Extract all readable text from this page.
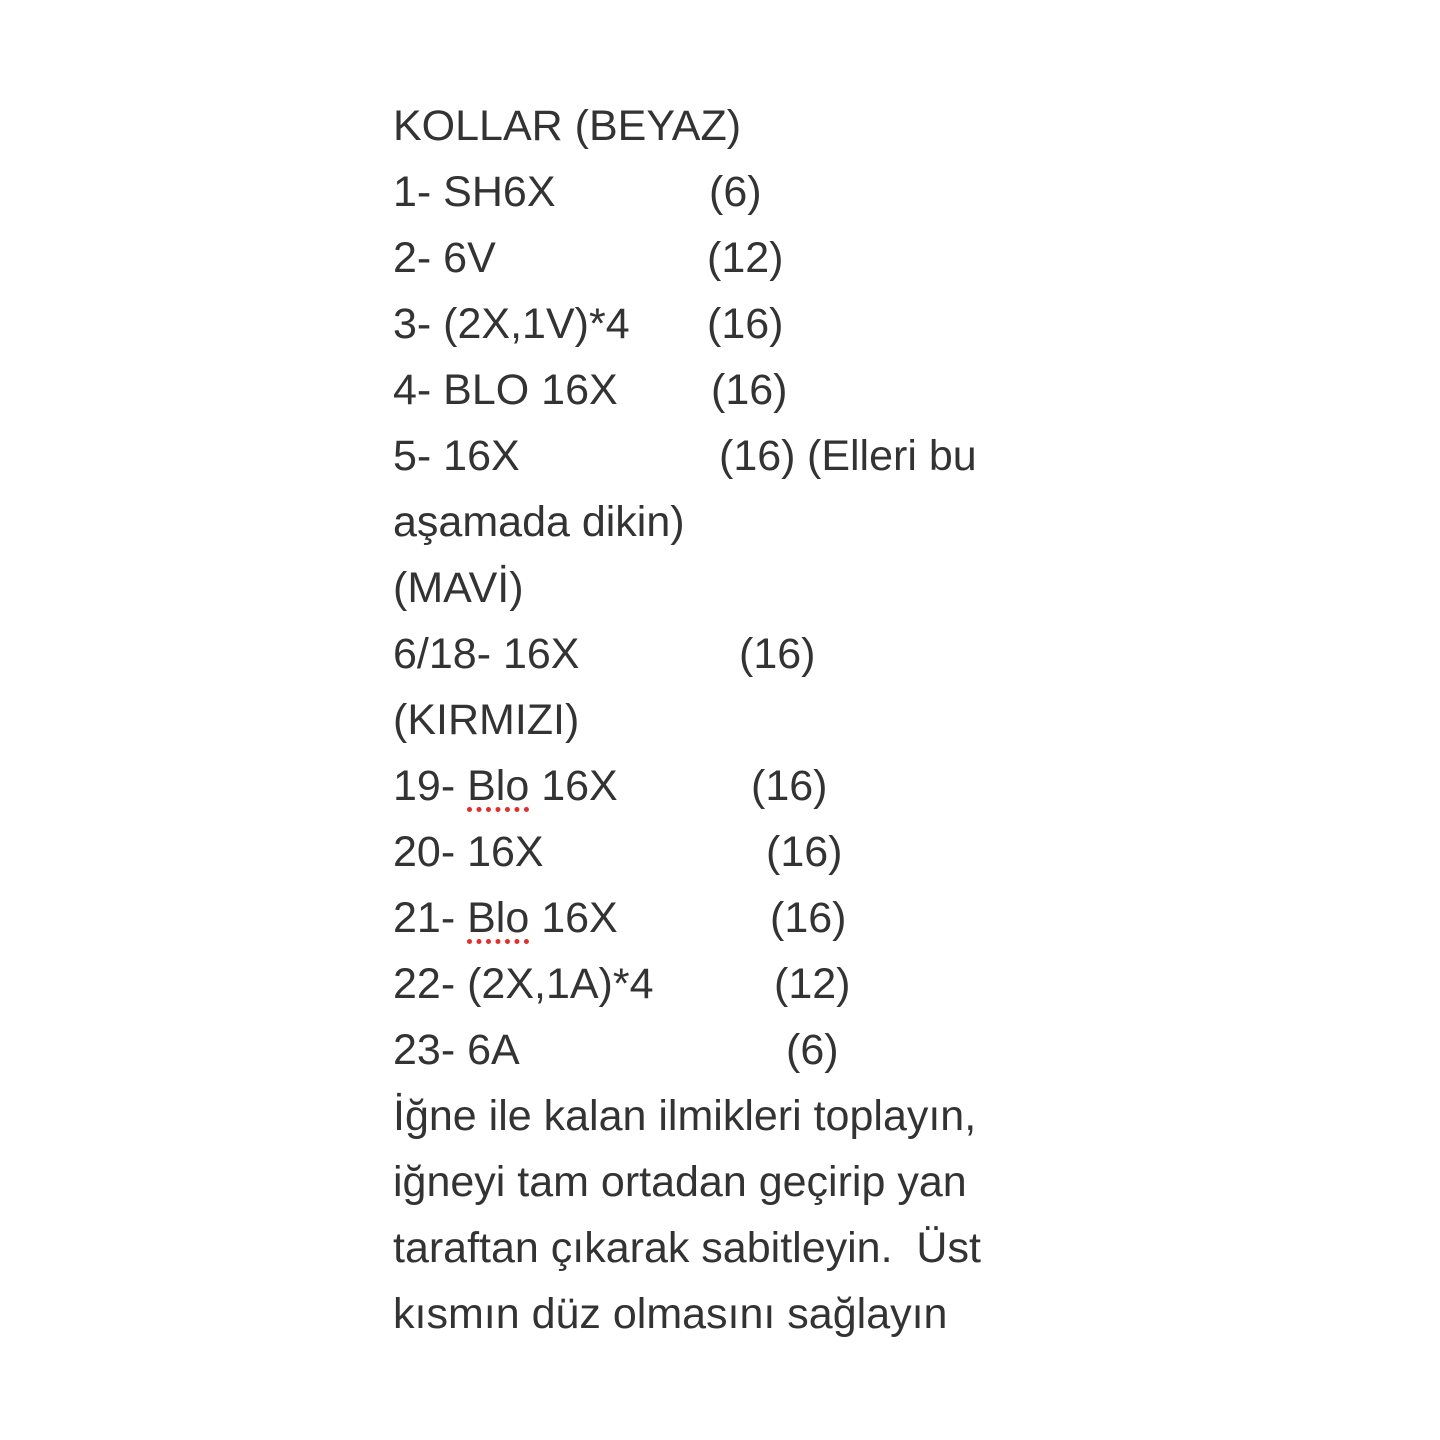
KOLLAR (BEYAZ)
1- SH6X	(6)
2- 6V	(12)
3- (2X,1V)*4 (16)
4- BLO 16X (16)
5- 16X	(16) (Elleri bu
aşamada dikin)
(MAVİ)
6/18- 16X	(16)
(KIRMIZI)
19- Blo 16X	(16)
20- 16X	(16)
21- Blo 16X	(16)
22- (2X,1A)*4	(12)
23- 6A	(6)
İğne ile kalan ilmikleri toplayın,
iğneyi tam ortadan geçirip yan
taraftan çıkarak sabitleyin.  Üst
kısmın düz olmasını sağlayın
